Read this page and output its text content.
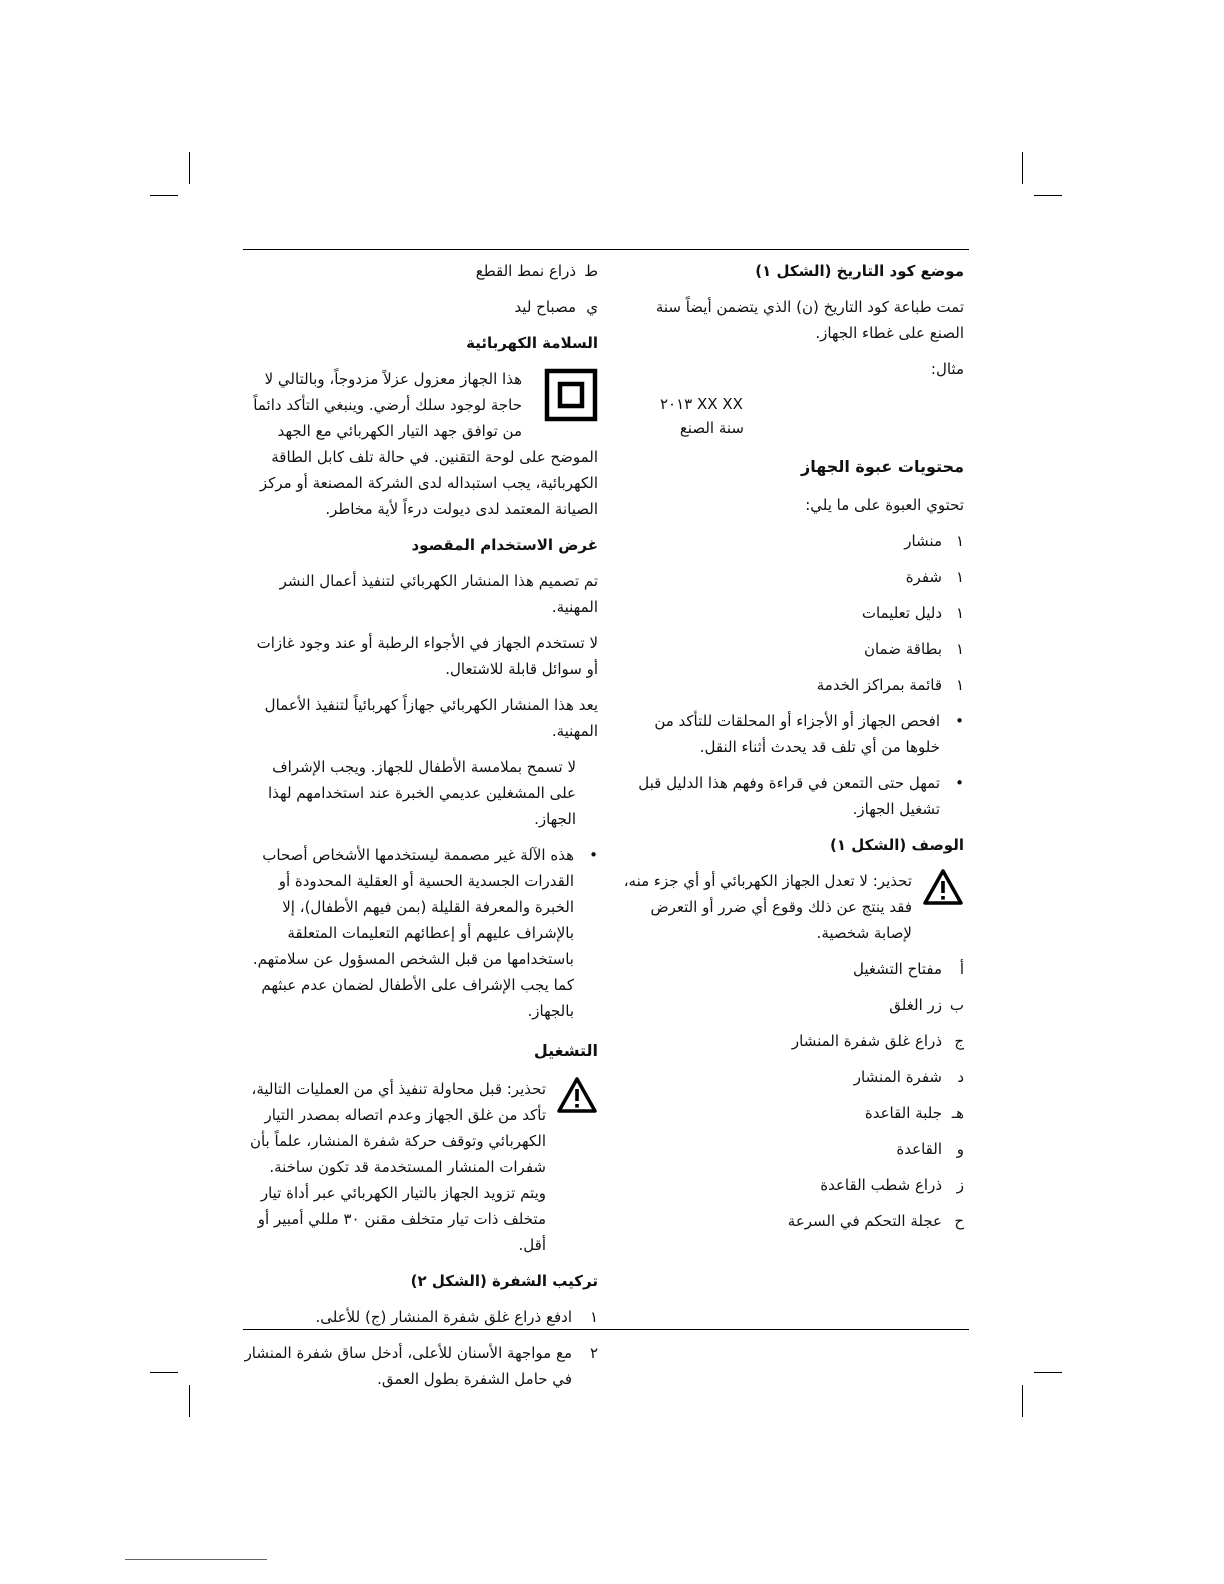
موضع كود التاريخ (الشكل ١)

تمت طباعة كود التاريخ (ن) الذي يتضمن أيضاً سنة الصنع على غطاء الجهاز.

مثال:

٢٠١٣ XX XX
سنة الصنع
محتويات عبوة الجهاز

تحتوي العبوة على ما يلي:

١
منشار
١
شفرة
١
دليل تعليمات
١
بطاقة ضمان
١
قائمة بمراكز الخدمة
•
افحص الجهاز أو الأجزاء أو المحلقات للتأكد من خلوها من أي تلف قد يحدث أثناء النقل.
•
تمهل حتى التمعن في قراءة وفهم هذا الدليل قبل تشغيل الجهاز.
الوصف (الشكل ١)
تحذير: لا تعدل الجهاز الكهربائي أو أي جزء منه، فقد ينتج عن ذلك وقوع أي ضرر أو التعرض لإصابة شخصية.
أ
مفتاح التشغيل
ب
زر الغلق
ج
ذراع غلق شفرة المنشار
د
شفرة المنشار
هـ
جلبة القاعدة
و
القاعدة
ز
ذراع شطب القاعدة
ح
عجلة التحكم في السرعة
ط
ذراع نمط القطع
ي
مصباح ليد
السلامة الكهربائية
هذا الجهاز معزول عزلاً مزدوجاً، وبالتالي لا حاجة لوجود سلك أرضي. وينبغي التأكد دائماً من توافق جهد التيار الكهربائي مع الجهد

الموضح على لوحة التقنين. في حالة تلف كابل الطاقة الكهربائية، يجب استبداله لدى الشركة المصنعة أو مركز الصيانة المعتمد لدى ديولت درءاً لأية مخاطر.

غرض الاستخدام المقصود

تم تصميم هذا المنشار الكهربائي لتنفيذ أعمال النشر المهنية.

لا تستخدم الجهاز في الأجواء الرطبة أو عند وجود غازات أو سوائل قابلة للاشتعال.

يعد هذا المنشار الكهربائي جهازاً كهربائياً لتنفيذ الأعمال المهنية.

لا تسمح بملامسة الأطفال للجهاز. ويجب الإشراف على المشغلين عديمي الخبرة عند استخدامهم لهذا الجهاز.

•
هذه الآلة غير مصممة ليستخدمها الأشخاص أصحاب القدرات الجسدية الحسية أو العقلية المحدودة أو الخبرة والمعرفة القليلة (بمن فيهم الأطفال)، إلا بالإشراف عليهم أو إعطائهم التعليمات المتعلقة باستخدامها من قبل الشخص المسؤول عن سلامتهم. كما يجب الإشراف على الأطفال لضمان عدم عبثهم بالجهاز.
التشغيل
تحذير: قبل محاولة تنفيذ أي من العمليات التالية، تأكد من غلق الجهاز وعدم اتصاله بمصدر التيار الكهربائي وتوقف حركة شفرة المنشار، علماً بأن شفرات المنشار المستخدمة قد تكون ساخنة. ويتم تزويد الجهاز بالتيار الكهربائي عبر أداة تيار متخلف ذات تيار متخلف مقنن ٣٠ مللي أمبير أو أقل.
تركيب الشفرة (الشكل ٢)
١
ادفع ذراع غلق شفرة المنشار (ج) للأعلى.
٢
مع مواجهة الأسنان للأعلى، أدخل ساق شفرة المنشار في حامل الشفرة بطول العمق.
